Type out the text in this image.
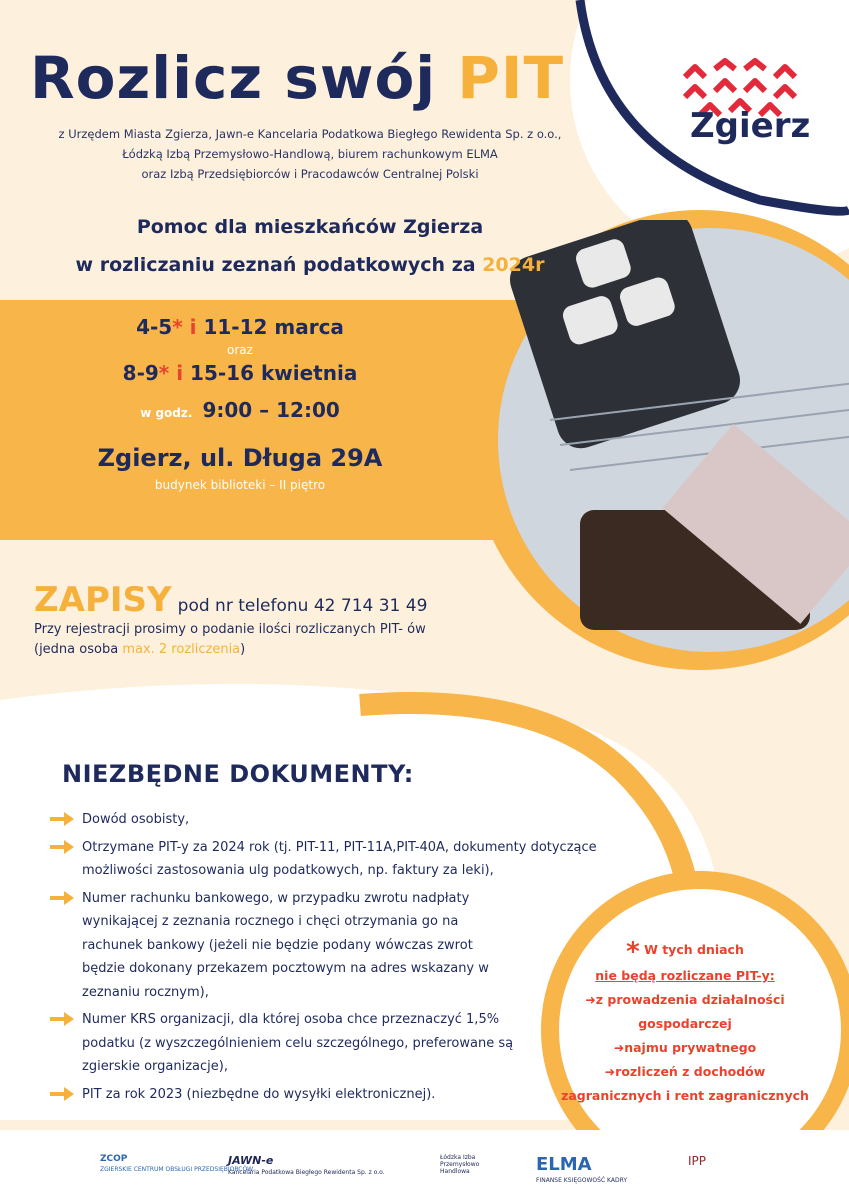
Zgierz
Rozlicz swój PIT
z Urzędem Miasta Zgierza, Jawn-e Kancelaria Podatkowa Biegłego Rewidenta Sp. z o.o.,
Łódzką Izbą Przemysłowo-Handlową, biurem rachunkowym ELMA
oraz Izbą Przedsiębiorców i Pracodawców Centralnej Polski
Pomoc dla mieszkańców Zgierza
w rozliczaniu zeznań podatkowych za 2024r
4-5* i 11-12 marca
oraz
8-9* i 15-16 kwietnia
w godz. 9:00 – 12:00
Zgierz, ul. Długa 29A
budynek biblioteki – II piętro
ZAPISY pod nr telefonu 42 714 31 49
Przy rejestracji prosimy o podanie ilości rozliczanych PIT- ów
(jedna osoba max. 2 rozliczenia)
NIEZBĘDNE DOKUMENTY:
Dowód osobisty,
Otrzymane PIT-y za 2024 rok (tj. PIT-11, PIT-11A,PIT-40A, dokumenty dotyczące możliwości zastosowania ulg podatkowych, np. faktury za leki),
Numer rachunku bankowego, w przypadku zwrotu nadpłaty wynikającej z zeznania rocznego i chęci otrzymania go na rachunek bankowy (jeżeli nie będzie podany wówczas zwrot będzie dokonany przekazem pocztowym na adres wskazany w zeznaniu rocznym),
Numer KRS organizacji, dla której osoba chce przeznaczyć 1,5% podatku (z wyszczególnieniem celu szczególnego, preferowane są zgierskie organizacje),
PIT za rok 2023 (niezbędne do wysyłki elektronicznej).
* W tych dniach
nie będą rozliczane PIT-y:
➜z prowadzenia działalności gospodarczej
➜najmu prywatnego
➜rozliczeń z dochodów zagranicznych i rent zagranicznych
ZCOP
ZGIERSKIE CENTRUM OBSŁUGI PRZEDSIĘBIORCÓW
JAWN-e
Kancelaria Podatkowa Biegłego Rewidenta Sp. z o.o.
Łódzka Izba Przemysłowo Handlowa	ELMA
FINANSE KSIĘGOWOŚĆ KADRY
IPP
